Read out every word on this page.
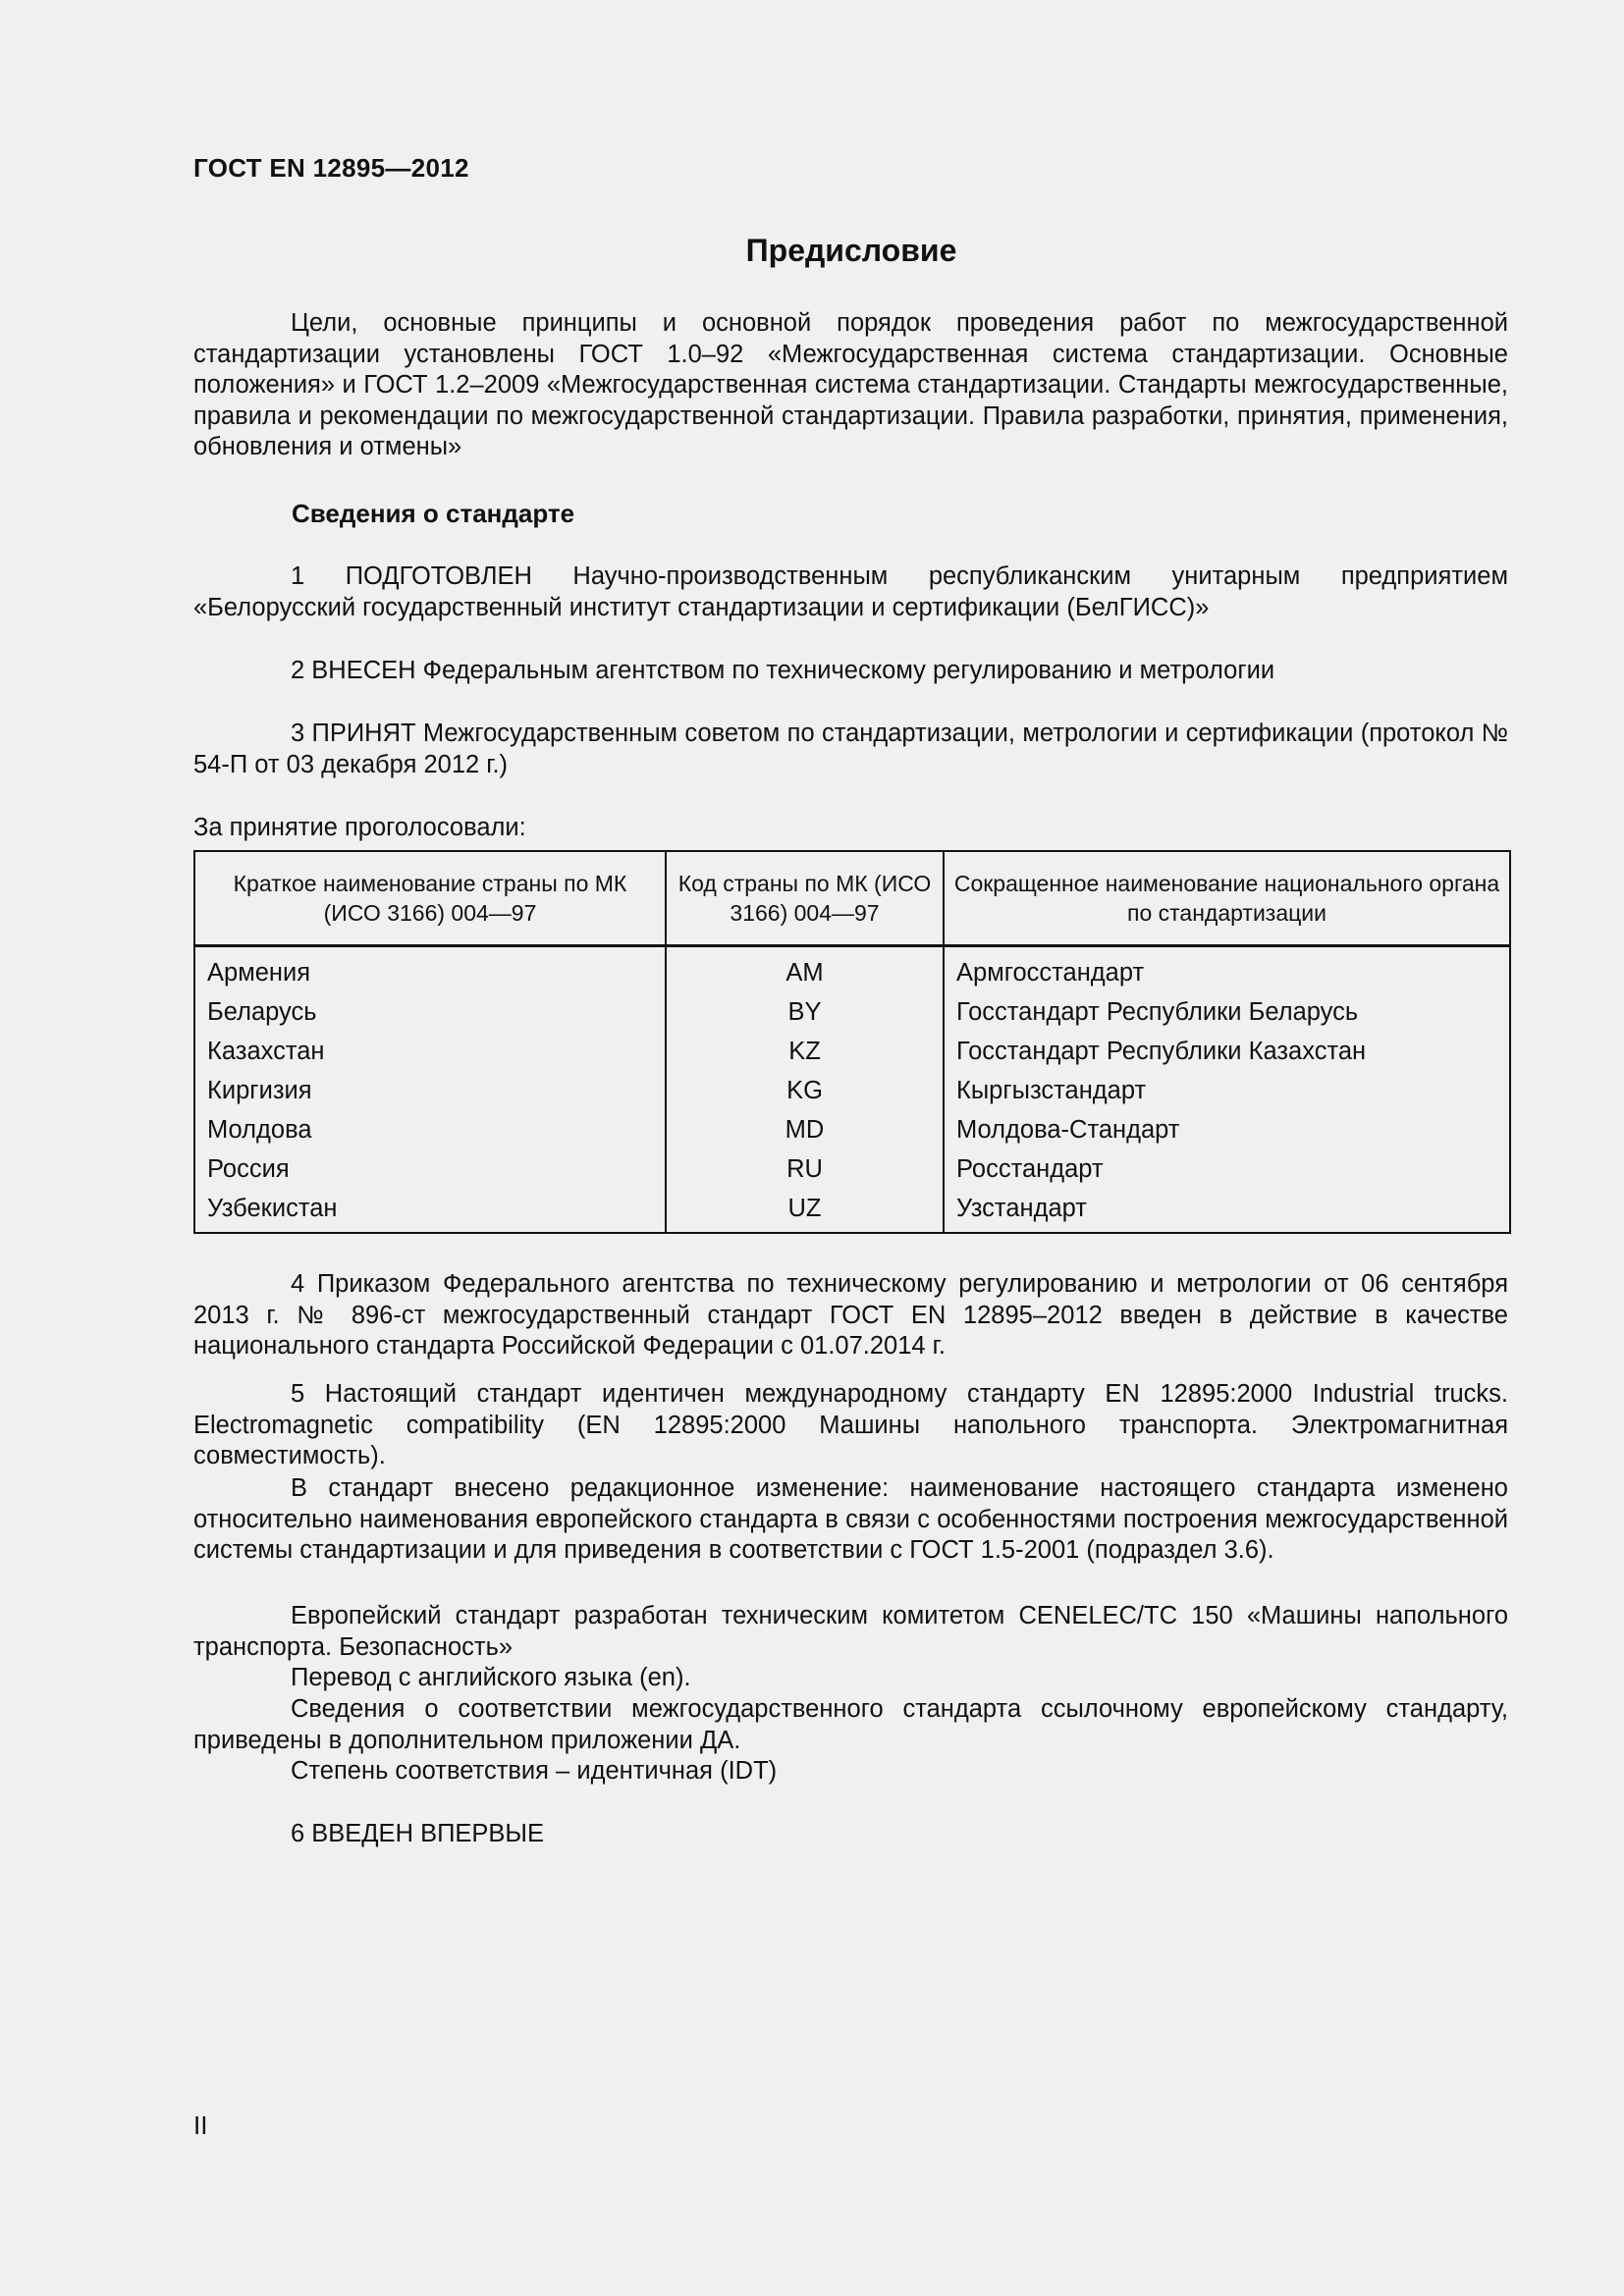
ГОСТ EN 12895—2012
Предисловие
Цели, основные принципы и основной порядок проведения работ по межгосударственной стандартизации установлены ГОСТ 1.0–92 «Межгосударственная система стандартизации. Основные положения» и ГОСТ 1.2–2009 «Межгосударственная система стандартизации. Стандарты межгосударственные, правила и рекомендации по межгосударственной стандартизации. Правила разработки, принятия, применения, обновления и отмены»
Сведения о стандарте
1 ПОДГОТОВЛЕН Научно-производственным республиканским унитарным предприятием «Белорусский государственный институт стандартизации и сертификации (БелГИСС)»
2 ВНЕСЕН Федеральным агентством по техническому регулированию и метрологии
3 ПРИНЯТ Межгосударственным советом по стандартизации, метрологии и сертификации (протокол № 54-П от 03 декабря 2012 г.)
За принятие проголосовали:
Краткое наименование страны по МК (ИСО 3166) 004—97	Код страны по МК (ИСО 3166) 004—97	Сокращенное наименование национального органа по стандартизации
Армения	AM	Армгосстандарт
Беларусь	BY	Госстандарт Республики Беларусь
Казахстан	KZ	Госстандарт Республики Казахстан
Киргизия	KG	Кыргызстандарт
Молдова	MD	Молдова-Стандарт
Россия	RU	Росстандарт
Узбекистан	UZ	Узстандарт
4 Приказом Федерального агентства по техническому регулированию и метрологии от 06 сентября 2013 г. № 896-ст межгосударственный стандарт ГОСТ EN 12895–2012 введен в действие в качестве национального стандарта Российской Федерации с 01.07.2014 г.
5 Настоящий стандарт идентичен международному стандарту EN 12895:2000 Industrial trucks. Electromagnetic compatibility (EN 12895:2000 Машины напольного транспорта. Электромагнитная совместимость).
В стандарт внесено редакционное изменение: наименование настоящего стандарта изменено относительно наименования европейского стандарта в связи с особенностями построения межгосударственной системы стандартизации и для приведения в соответствии с ГОСТ 1.5-2001 (подраздел 3.6).
Европейский стандарт разработан техническим комитетом CENELEC/TC 150 «Машины напольного транспорта. Безопасность»
Перевод с английского языка (en).
Сведения о соответствии межгосударственного стандарта ссылочному европейскому стандарту, приведены в дополнительном приложении ДА.
Степень соответствия – идентичная (IDT)
6 ВВЕДЕН ВПЕРВЫЕ
II
